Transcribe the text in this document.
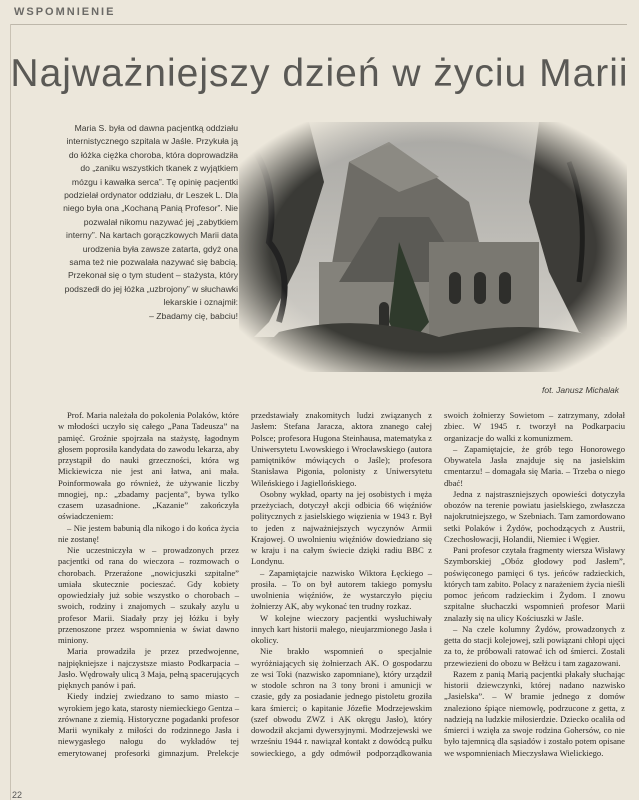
WSPOMNIENIE
Najważniejszy dzień w życiu Marii

Maria S. była od dawna pacjentką oddziału internistycznego szpitala w Jaśle. Przykuła ją do łóżka ciężka choroba, która doprowadziła do „zaniku wszystkich tkanek z wyjątkiem mózgu i kawałka serca”. Tę opinię pacjentki podzielał ordynator oddziału, dr Leszek L. Dla niego była ona „Kochaną Panią Profesor”. Nie pozwalał nikomu nazywać jej „zabytkiem interny”. Na kartach gorączkowych Marii data urodzenia była zawsze zatarta, gdyż ona sama też nie pozwalała nazywać się babcią. Przekonał się o tym student – stażysta, który podszedł do jej łóżka „uzbrojony” w słuchawki lekarskie i oznajmił:

– Zbadamy cię, babciu!

fot. Janusz Michalak

Prof. Maria należała do pokolenia Polaków, które w młodości uczyło się całego „Pana Tadeusza” na pamięć. Groźnie spojrzała na stażystę, łagodnym głosem poprosiła kandydata do zawodu lekarza, aby przystąpił do nauki grzeczności, która wg Mickiewicza nie jest ani łatwa, ani mała. Poinformowała go również, że używanie liczby mnogiej, np.: „zbadamy pacjenta”, bywa tylko czasem uzasadnione. „Kazanie” zakończyła oświadczeniem:

– Nie jestem babunią dla nikogo i do końca życia nie zostanę!

Nie uczestniczyła w – prowadzonych przez pacjentki od rana do wieczora – rozmowach o chorobach. Przeraźone „nowicjuszki szpitalne” umiała skutecznie pocieszać. Gdy kobiety opowiedziały już sobie wszystko o chorobach – swoich, rodziny i znajomych – szukały azylu u profesor Marii. Siadały przy jej łóżku i były przenoszone przez wspomnienia w świat dawno miniony.

Maria prowadziła je przez przedwojenne, najpiękniejsze i najczystsze miasto Podkarpacia – Jasło. Wędrowały ulicą 3 Maja, pełną spacerujących pięknych panów i pań.

Kiedy indziej zwiedzano to samo miasto – wyrokiem jego kata, starosty niemieckiego Gentza – zrównane z ziemią. Historyczne pogadanki profesor Marii wynikały z miłości do rodzinnego Jasła i niewygasłego nałogu do wykładów tej emerytowanej profesorki gimnazjum. Prelekcje przedstawiały znakomitych ludzi związanych z Jasłem: Stefana Jaracza, aktora znanego całej Polsce; profesora Hugona Steinhausa, matematyka z Uniwersytetu Lwowskiego i Wrocławskiego (autora pamiętników mówiących o Jaśle); profesora Stanisława Pigonia, polonisty z Uniwersytetu Wileńskiego i Jagiellońskiego.

Osobny wykład, oparty na jej osobistych i męża przeżyciach, dotyczył akcji odbicia 66 więźniów politycznych z jasielskiego więzienia w 1943 r. Był to jeden z najważniejszych wyczynów Armii Krajowej. O uwolnieniu więźniów dowiedziano się w kraju i na całym świecie dzięki radiu BBC z Londynu.

– Zapamiętajcie nazwisko Wiktora Łęckiego – prosiła. – To on był autorem takiego pomysłu uwolnienia więźniów, że wystarczyło pięciu żołnierzy AK, aby wykonać ten trudny rozkaz.

W kolejne wieczory pacjentki wysłuchiwały innych kart historii małego, nieujarzmionego Jasła i okolicy.

Nie brakło wspomnień o specjalnie wyróżniających się żołnierzach AK. O gospodarzu ze wsi Toki (nazwisko zapomniane), który urządził w stodole schron na 3 tony broni i amunicji w czasie, gdy za posiadanie jednego pistoletu groziła kara śmierci; o kapitanie Józefie Modrzejewskim (szef obwodu ZWZ i AK okręgu Jasło), który dowodził akcjami dywersyjnymi. Modrzejewski we wrześniu 1944 r. nawiązał kontakt z dowódcą pułku sowieckiego, a gdy odmówił podporządkowania swoich żołnierzy Sowietom – zatrzymany, zdołał zbiec. W 1945 r. tworzył na Podkarpaciu organizacje do walki z komunizmem.

– Zapamiętajcie, że grób tego Honorowego Obywatela Jasła znajduje się na jasielskim cmentarzu! – domagała się Maria. – Trzeba o niego dbać!

Jedna z najstraszniejszych opowieści dotyczyła obozów na terenie powiatu jasielskiego, zwłaszcza najokrutniejszego, w Szebniach. Tam zamordowano setki Polaków i Żydów, pochodzących z Austrii, Czechosłowacji, Holandii, Niemiec i Węgier.

Pani profesor czytała fragmenty wiersza Wisławy Szymborskiej „Obóz głodowy pod Jasłem”, poświęconego pamięci 6 tys. jeńców radzieckich, których tam zabito. Polacy z narażeniem życia nieśli pomoc jeńcom radzieckim i Żydom. I znowu szpitalne słuchaczki wspomnień profesor Marii znalazły się na ulicy Kościuszki w Jaśle.

– Na czele kolumny Żydów, prowadzonych z getta do stacji kolejowej, szli powiązani chłopi ujęci za to, że próbowali ratować ich od śmierci. Zostali przewiezieni do obozu w Bełżcu i tam zagazowani.

Razem z panią Marią pacjentki płakały słuchając historii dziewczynki, której nadano nazwisko „Jasielska”. – W bramie jednego z domów znaleziono śpiące niemowlę, podrzucone z getta, z nadzieją na ludzkie miłosierdzie. Dziecko ocaliła od śmierci i wzięła za swoje rodzina Gohersów, co nie było tajemnicą dla sąsiadów i zostało potem opisane we wspomnieniach Mieczysława Wielickiego.

22
